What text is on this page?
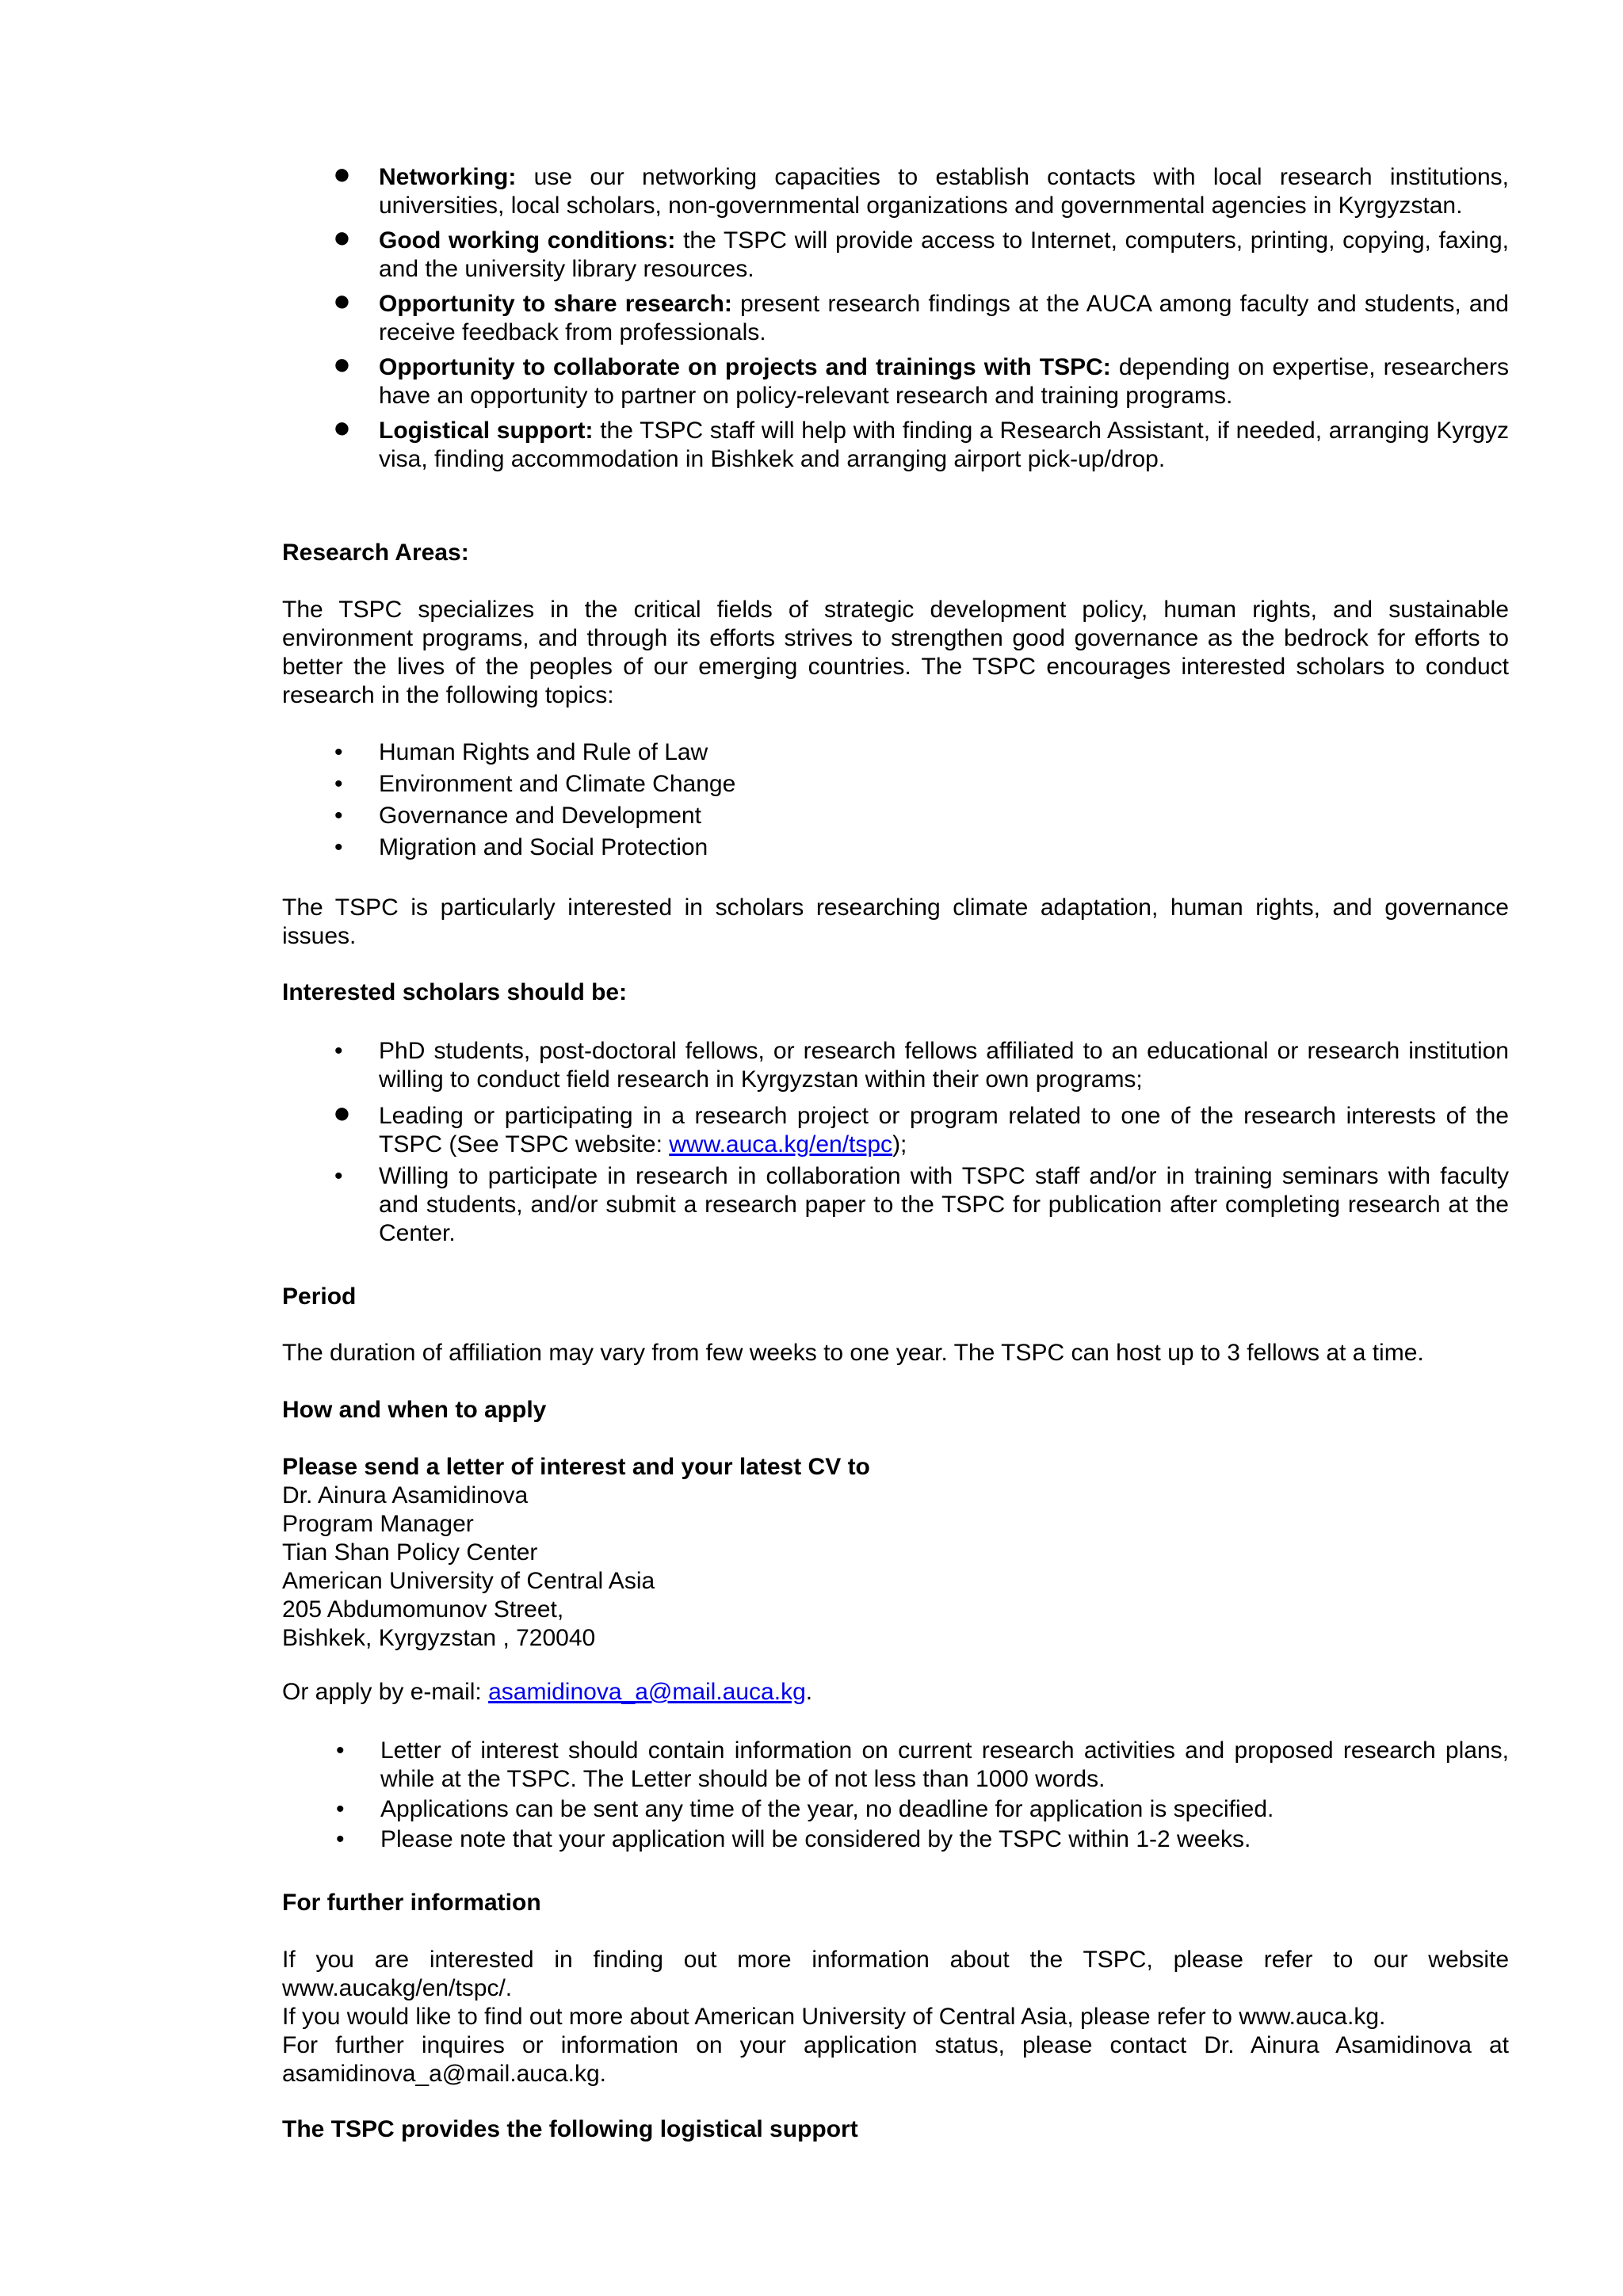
● Networking: use our networking capacities to establish contacts with local research institutions, universities, local scholars, non-governmental organizations and governmental agencies in Kyrgyzstan.
● Good working conditions: the TSPC will provide access to Internet, computers, printing, copying, faxing, and the university library resources.
● Opportunity to share research: present research findings at the AUCA among faculty and students, and receive feedback from professionals.
● Opportunity to collaborate on projects and trainings with TSPC: depending on expertise, researchers have an opportunity to partner on policy-relevant research and training programs.
● Logistical support: the TSPC staff will help with finding a Research Assistant, if needed, arranging Kyrgyz visa, finding accommodation in Bishkek and arranging airport pick-up/drop.

Research Areas:

The TSPC specializes in the critical fields of strategic development policy, human rights, and sustainable environment programs, and through its efforts strives to strengthen good governance as the bedrock for efforts to better the lives of the peoples of our emerging countries. The TSPC encourages interested scholars to conduct research in the following topics:

• Human Rights and Rule of Law
• Environment and Climate Change
• Governance and Development
• Migration and Social Protection

The TSPC is particularly interested in scholars researching climate adaptation, human rights, and governance issues.

Interested scholars should be:

• PhD students, post-doctoral fellows, or research fellows affiliated to an educational or research institution willing to conduct field research in Kyrgyzstan within their own programs;
● Leading or participating in a research project or program related to one of the research interests of the TSPC (See TSPC website: www.auca.kg/en/tspc);
• Willing to participate in research in collaboration with TSPC staff and/or in training seminars with faculty and students, and/or submit a research paper to the TSPC for publication after completing research at the Center.

Period

The duration of affiliation may vary from few weeks to one year. The TSPC can host up to 3 fellows at a time.

How and when to apply

Please send a letter of interest and your latest CV to

Dr. Ainura Asamidinova

Program Manager

Tian Shan Policy Center

American University of Central Asia

205 Abdumomunov Street,

Bishkek, Kyrgyzstan , 720040

Or apply by e-mail: asamidinova_a@mail.auca.kg.

• Letter of interest should contain information on current research activities and proposed research plans, while at the TSPC. The Letter should be of not less than 1000 words.
• Applications can be sent any time of the year, no deadline for application is specified.
• Please note that your application will be considered by the TSPC within 1-2 weeks.

For further information

If you are interested in finding out more information about the TSPC, please refer to our website www.aucakg/en/tspc/.

If you would like to find out more about American University of Central Asia, please refer to www.auca.kg.

For further inquires or information on your application status, please contact Dr. Ainura Asamidinova at asamidinova_a@mail.auca.kg.

The TSPC provides the following logistical support
